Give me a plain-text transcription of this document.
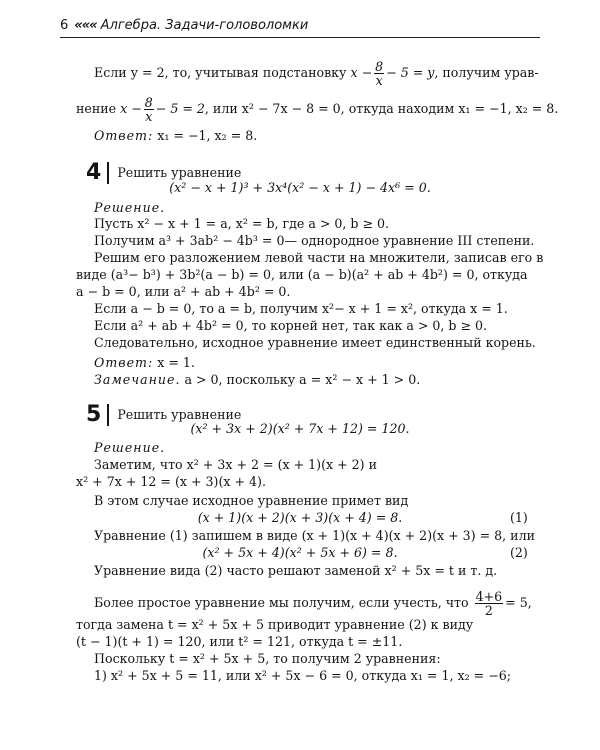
6 ««« Алгебра. Задачи-головоломки
Если у = 2, то, учитывая подстановку $x - \frac{8}{x} - 5 = y$, получим урав-
нение $x - \frac{8}{x} - 5 = 2$, или x² − 7x − 8 = 0, откуда находим x₁ = −1, x₂ = 8.
Ответ: x₁ = −1, x₂ = 8.
4 Решить уравнение
(x² − x + 1)³ + 3x⁴(x² − x + 1) − 4x⁶ = 0.
Решение.
Пусть x² − x + 1 = a, x² = b, где a > 0, b ≥ 0.
Получим a³ + 3ab² − 4b³ = 0— однородное уравнение III степени.
Решим его разложением левой части на множители, записав его в
виде (a³− b³) + 3b²(a − b) = 0, или (a − b)(a² + ab + 4b²) = 0, откуда
a − b = 0, или a² + ab + 4b² = 0.
Если a − b = 0, то a = b, получим x²− x + 1 = x², откуда x = 1.
Если a² + ab + 4b² = 0, то корней нет, так как a > 0, b ≥ 0.
Следовательно, исходное уравнение имеет единственный корень.
Ответ: x = 1.
Замечание. a > 0, поскольку a = x² − x + 1 > 0.
5 Решить уравнение
(x² + 3x + 2)(x² + 7x + 12) = 120.
Решение.
Заметим, что x² + 3x + 2 = (x + 1)(x + 2) и
x² + 7x + 12 = (x + 3)(x + 4).
В этом случае исходное уравнение примет вид
(x + 1)(x + 2)(x + 3)(x + 4) = 8.	(1)
Уравнение (1) запишем в виде (x + 1)(x + 4)(x + 2)(x + 3) = 8, или
(x² + 5x + 4)(x² + 5x + 6) = 8.	(2)
Уравнение вида (2) часто решают заменой x² + 5x = t и т. д.
Более простое уравнение мы получим, если учесть, что $\frac{4+6}{2} = 5$,
тогда замена t = x² + 5x + 5 приводит уравнение (2) к виду
(t − 1)(t + 1) = 120, или t² = 121, откуда t = ±11.
Поскольку t = x² + 5x + 5, то получим 2 уравнения:
1) x² + 5x + 5 = 11, или x² + 5x − 6 = 0, откуда x₁ = 1, x₂ = −6;
